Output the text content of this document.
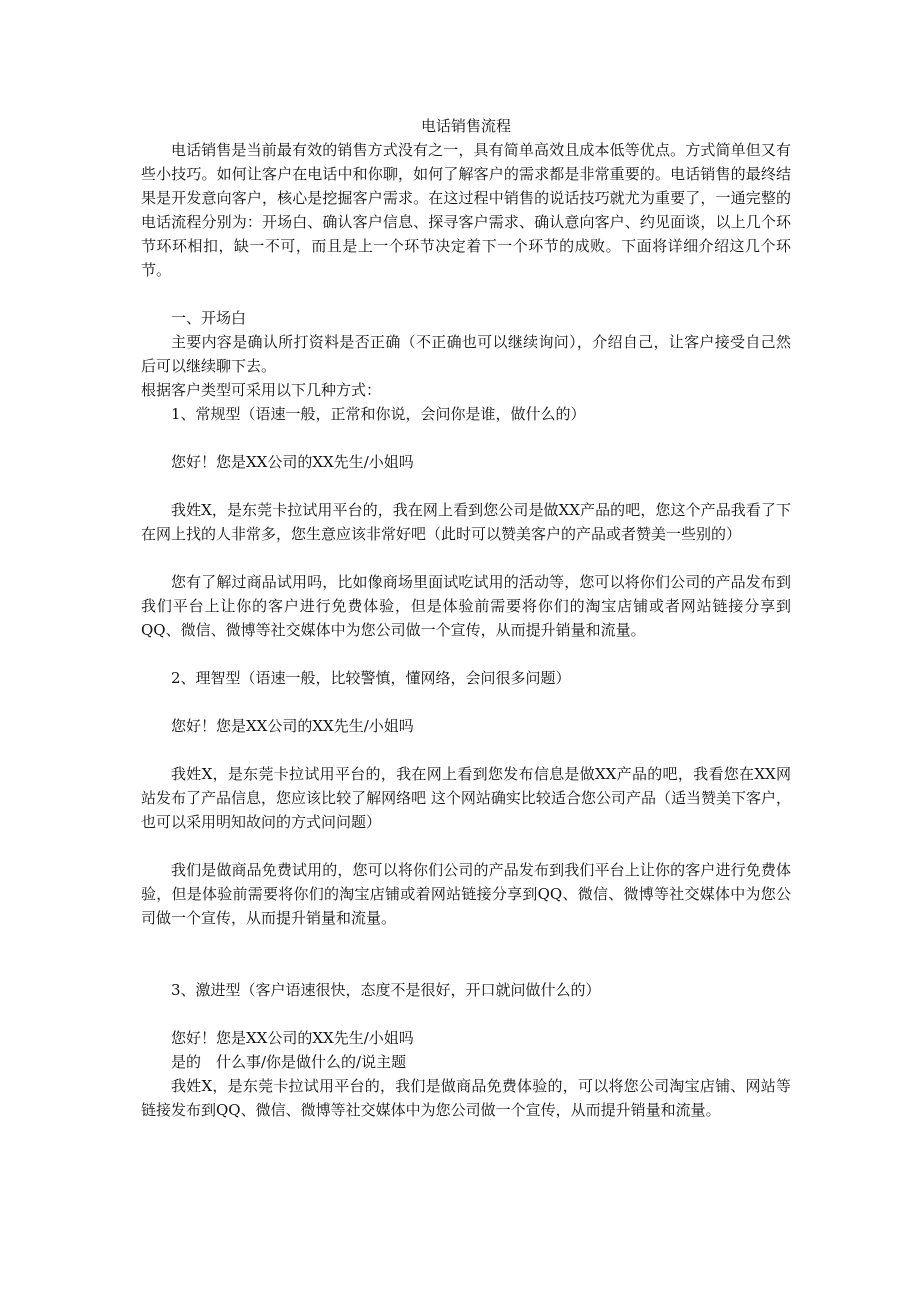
电话销售流程

电话销售是当前最有效的销售方式没有之一，具有简单高效且成本低等优点。方式简单但又有些小技巧。如何让客户在电话中和你聊，如何了解客户的需求都是非常重要的。电话销售的最终结果是开发意向客户，核心是挖掘客户需求。在这过程中销售的说话技巧就尤为重要了，一通完整的电话流程分别为：开场白、确认客户信息、探寻客户需求、确认意向客户、约见面谈，以上几个环节环环相扣，缺一不可，而且是上一个环节决定着下一个环节的成败。下面将详细介绍这几个环节。

一、开场白

主要内容是确认所打资料是否正确（不正确也可以继续询问），介绍自己，让客户接受自己然后可以继续聊下去。

根据客户类型可采用以下几种方式：

1、常规型（语速一般，正常和你说，会问你是谁，做什么的）

您好！您是XX公司的XX先生/小姐吗

我姓X，是东莞卡拉试用平台的，我在网上看到您公司是做XX产品的吧，您这个产品我看了下在网上找的人非常多，您生意应该非常好吧（此时可以赞美客户的产品或者赞美一些别的）

您有了解过商品试用吗，比如像商场里面试吃试用的活动等，您可以将你们公司的产品发布到我们平台上让你的客户进行免费体验，但是体验前需要将你们的淘宝店铺或者网站链接分享到QQ、微信、微博等社交媒体中为您公司做一个宣传，从而提升销量和流量。

2、理智型（语速一般，比较警慎，懂网络，会问很多问题）

您好！您是XX公司的XX先生/小姐吗

我姓X，是东莞卡拉试用平台的，我在网上看到您发布信息是做XX产品的吧，我看您在XX网站发布了产品信息，您应该比较了解网络吧 这个网站确实比较适合您公司产品（适当赞美下客户，也可以采用明知故问的方式问问题）

我们是做商品免费试用的，您可以将你们公司的产品发布到我们平台上让你的客户进行免费体验，但是体验前需要将你们的淘宝店铺或着网站链接分享到QQ、微信、微博等社交媒体中为您公司做一个宣传，从而提升销量和流量。

3、激进型（客户语速很快，态度不是很好，开口就问做什么的）

您好！您是XX公司的XX先生/小姐吗

是的　什么事/你是做什么的/说主题

我姓X，是东莞卡拉试用平台的，我们是做商品免费体验的，可以将您公司淘宝店铺、网站等链接发布到QQ、微信、微博等社交媒体中为您公司做一个宣传，从而提升销量和流量。
